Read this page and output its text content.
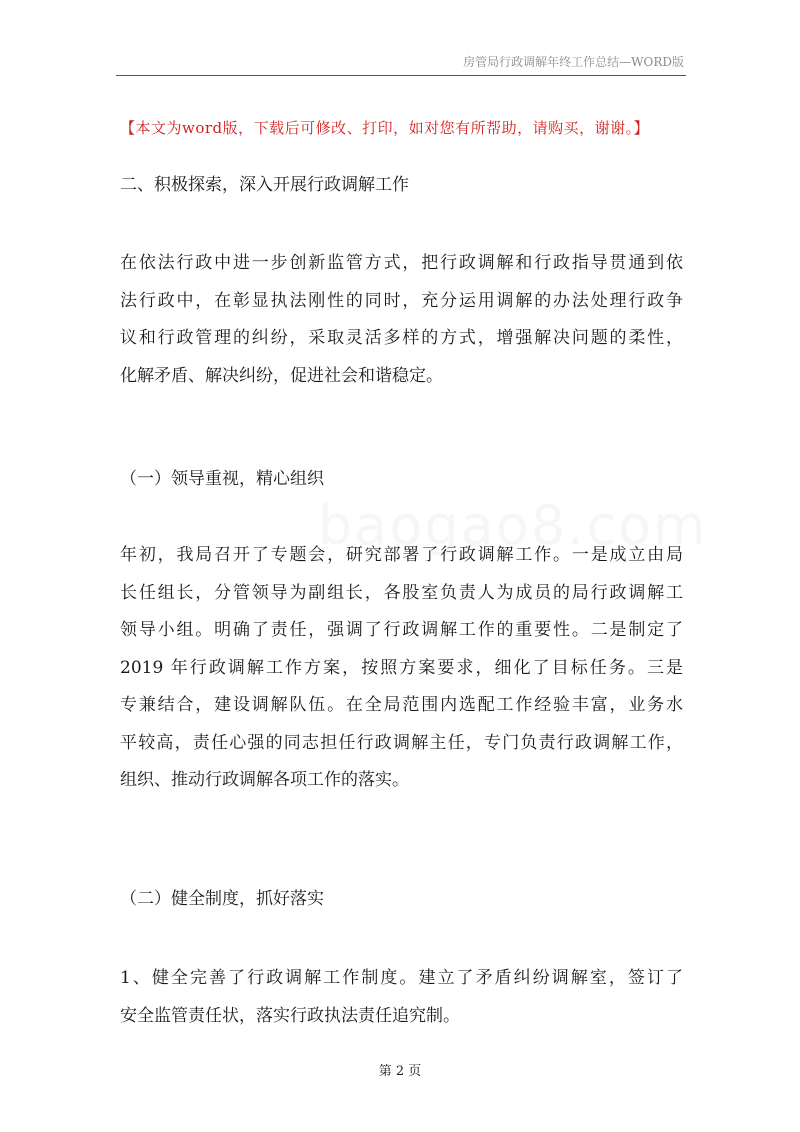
房管局行政调解年终工作总结—WORD版
【本文为word版，下载后可修改、打印，如对您有所帮助，请购买，谢谢。】
二、积极探索，深入开展行政调解工作
在依法行政中进一步创新监管方式，把行政调解和行政指导贯通到依
法行政中，在彰显执法刚性的同时，充分运用调解的办法处理行政争
议和行政管理的纠纷，采取灵活多样的方式，增强解决问题的柔性，
化解矛盾、解决纠纷，促进社会和谐稳定。
（一）领导重视，精心组织
年初，我局召开了专题会，研究部署了行政调解工作。一是成立由局
长任组长，分管领导为副组长，各股室负责人为成员的局行政调解工
领导小组。明确了责任，强调了行政调解工作的重要性。二是制定了
2019 年行政调解工作方案，按照方案要求，细化了目标任务。三是
专兼结合，建设调解队伍。在全局范围内选配工作经验丰富，业务水
平较高，责任心强的同志担任行政调解主任，专门负责行政调解工作，
组织、推动行政调解各项工作的落实。
（二）健全制度，抓好落实
1、健全完善了行政调解工作制度。建立了矛盾纠纷调解室，签订了
安全监管责任状，落实行政执法责任追究制。
第 2 页
